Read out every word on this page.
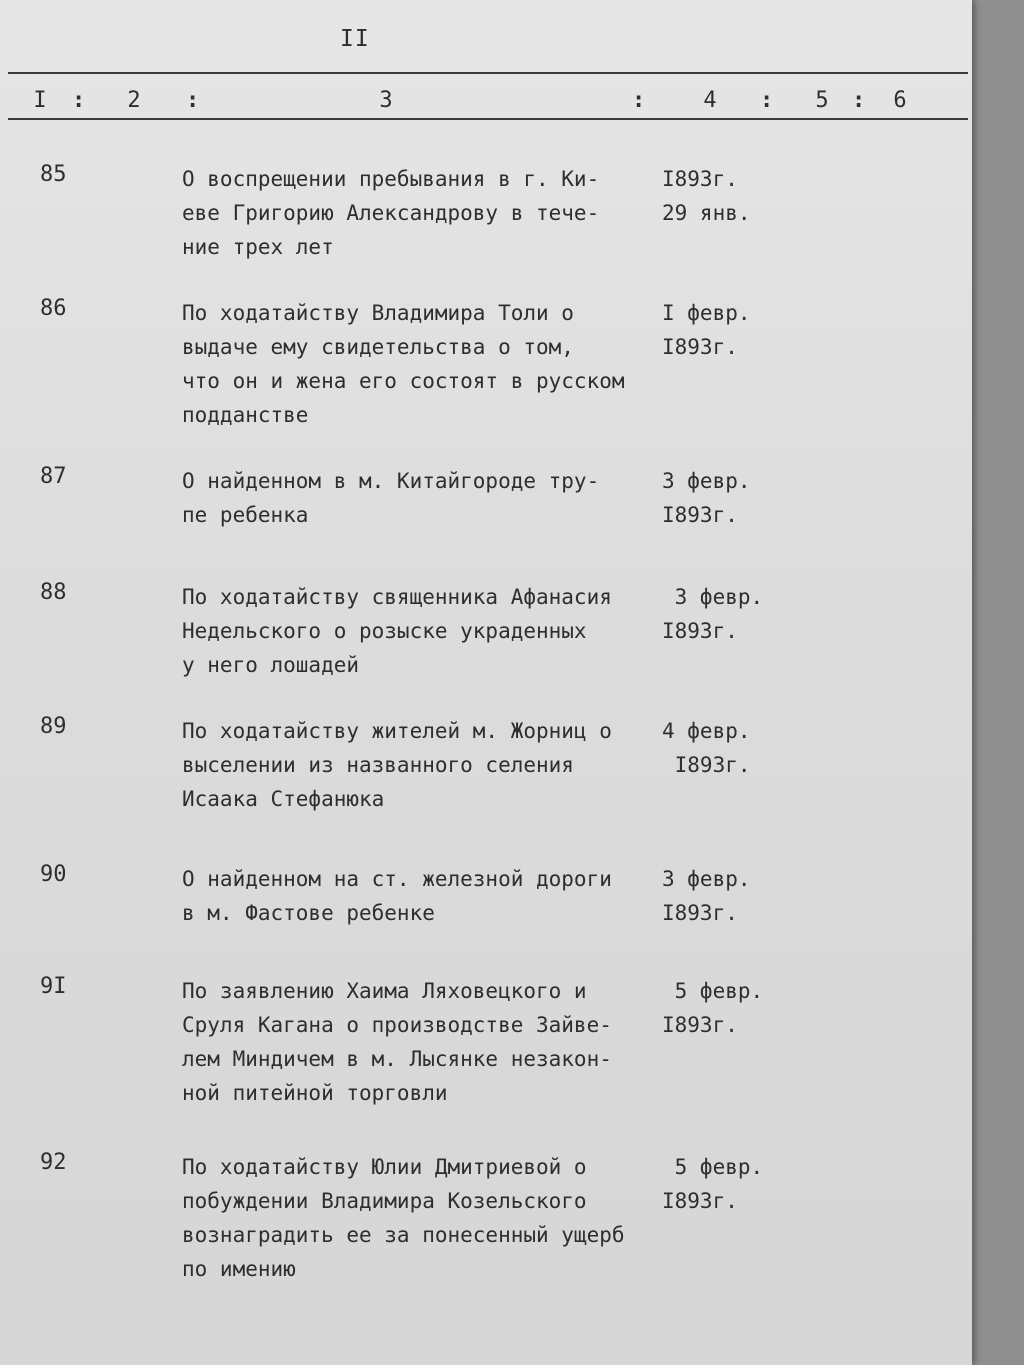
II
I : 2 :	3	:	4 : 5 : 6
85	О воспрещении пребывания в г. Ки-
eве Григорию Александрову в тече-
ние трех лет
I893г.
29 янв.
86	По ходатайству Владимира Толи о
выдаче ему свидетельства о том,
что он и жена его состоят в русском
подданстве
I февр.
I893г.
87	О найденном в м. Китайгороде тру-
пе ребенка
3 февр.
I893г.
88	По ходатайству священника Афанасия
Недельского о розыске украденных
у него лошадей
3 февр.
I893г.
89	По ходатайству жителей м. Жорниц о
выселении из названного селения
Исаака Стефанюка
4 февр.
I893г.
90	О найденном на ст. железной дороги
в м. Фастове ребенке
3 февр.
I893г.
9I	По заявлению Хаима Ляховецкого и
Сруля Кагана о производстве Зайве-
лем Миндичем в м. Лысянке незакон-
ной питейной торговли
5 февр.
I893г.
92	По ходатайству Юлии Дмитриевой о
побуждении Владимира Козельского
вознаградить ее за понесенный ущерб
по имению
5 февр.
I893г.
